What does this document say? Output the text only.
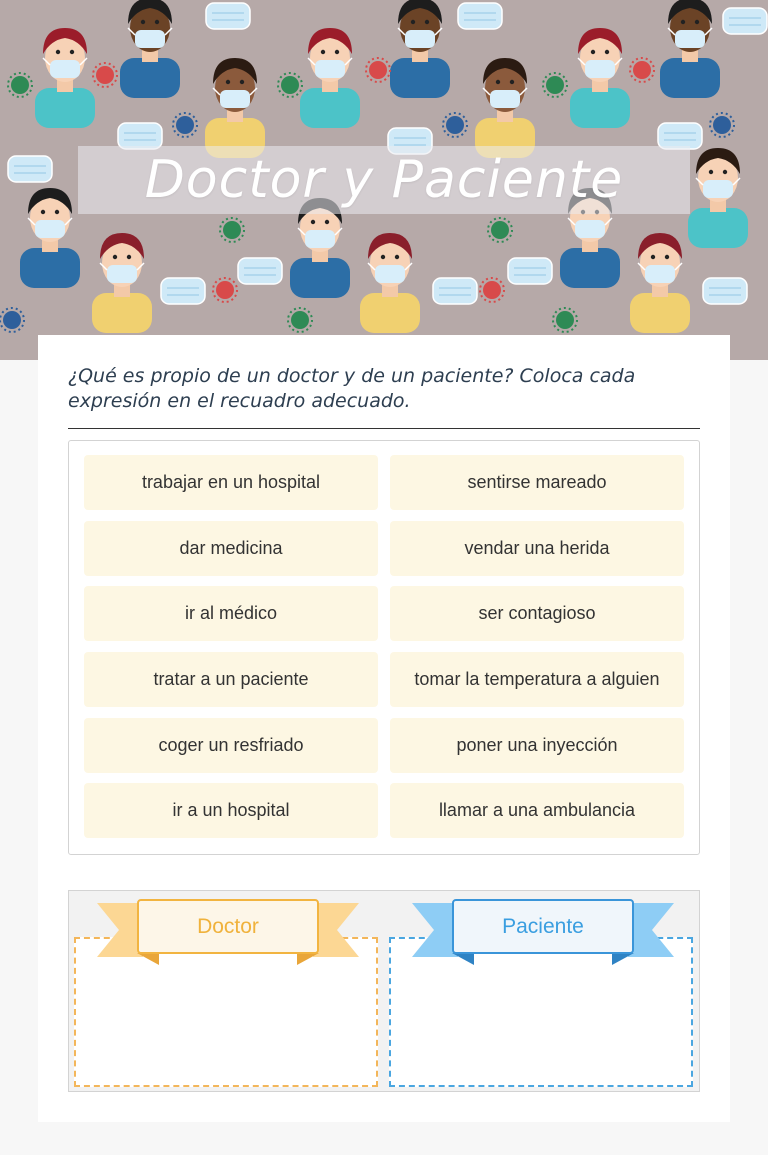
Doctor y Paciente

¿Qué es propio de un doctor y de un paciente? Coloca cada expresión en el recuadro adecuado.

trabajar en un hospital	sentirse mareado
dar medicina	vendar una herida
ir al médico	ser contagioso
tratar a un paciente	tomar la temperatura a alguien
coger un resfriado	poner una inyección
ir a un hospital	llamar a una ambulancia
Doctor	Paciente
